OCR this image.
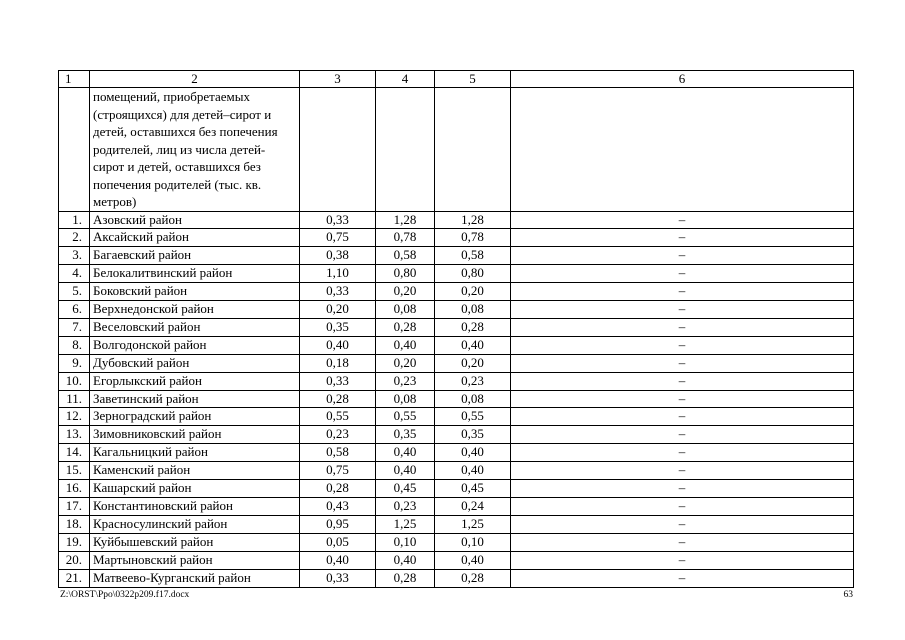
1	2	3	4	5	6
	помещений, приобретаемых (строящихся) для детей–сирот и детей, оставшихся без попечения родителей, лиц из числа детей-сирот и детей, оставшихся без попечения родителей (тыс. кв. метров)				
1.	Азовский район	0,33	1,28	1,28	–
2.	Аксайский район	0,75	0,78	0,78	–
3.	Багаевский район	0,38	0,58	0,58	–
4.	Белокалитвинский район	1,10	0,80	0,80	–
5.	Боковский район	0,33	0,20	0,20	–
6.	Верхнедонской район	0,20	0,08	0,08	–
7.	Веселовский район	0,35	0,28	0,28	–
8.	Волгодонской район	0,40	0,40	0,40	–
9.	Дубовский район	0,18	0,20	0,20	–
10.	Егорлыкский район	0,33	0,23	0,23	–
11.	Заветинский район	0,28	0,08	0,08	–
12.	Зерноградский район	0,55	0,55	0,55	–
13.	Зимовниковский район	0,23	0,35	0,35	–
14.	Кагальницкий район	0,58	0,40	0,40	–
15.	Каменский район	0,75	0,40	0,40	–
16.	Кашарский район	0,28	0,45	0,45	–
17.	Константиновский район	0,43	0,23	0,24	–
18.	Красносулинский район	0,95	1,25	1,25	–
19.	Куйбышевский район	0,05	0,10	0,10	–
20.	Мартыновский район	0,40	0,40	0,40	–
21.	Матвеево-Курганский район	0,33	0,28	0,28	–
Z:\ORST\Ppo\0322p209.f17.docx	63
